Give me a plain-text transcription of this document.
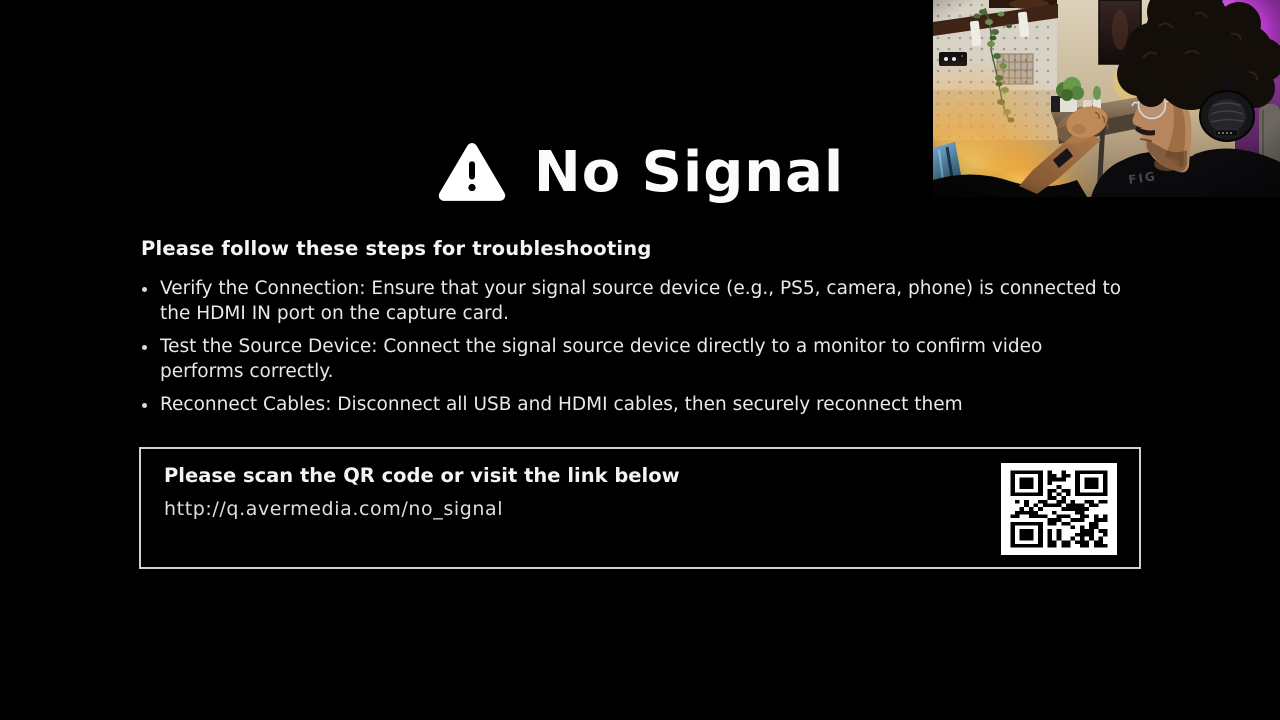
No Signal
Please follow these steps for troubleshooting
Verify the Connection: Ensure that your signal source device (e.g., PS5, camera, phone) is connected to the HDMI IN port on the capture card.
Test the Source Device: Connect the signal source device directly to a monitor to confirm video performs correctly.
Reconnect Cables: Disconnect all USB and HDMI cables, then securely reconnect them
Please scan the QR code or visit the link below
http://q.avermedia.com/no_signal
